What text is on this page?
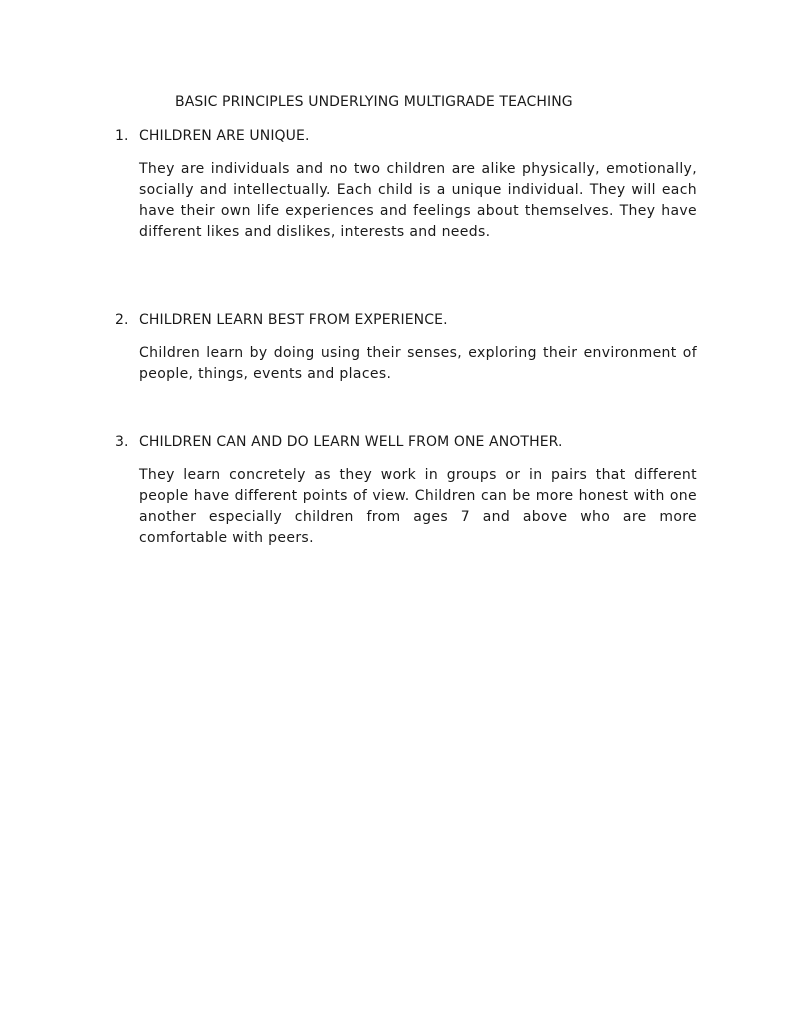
BASIC PRINCIPLES UNDERLYING MULTIGRADE TEACHING
1. CHILDREN ARE UNIQUE.
They are individuals and no two children are alike physically, emotionally, socially and intellectually. Each child is a unique individual. They will each have their own life experiences and feelings about themselves. They have different likes and dislikes, interests and needs.
2. CHILDREN LEARN BEST FROM EXPERIENCE.
Children learn by doing using their senses, exploring their environment of people, things, events and places.
3. CHILDREN CAN AND DO LEARN WELL FROM ONE ANOTHER.
They learn concretely as they work in groups or in pairs that different people have different points of view. Children can be more honest with one another especially children from ages 7 and above who are more comfortable with peers.
